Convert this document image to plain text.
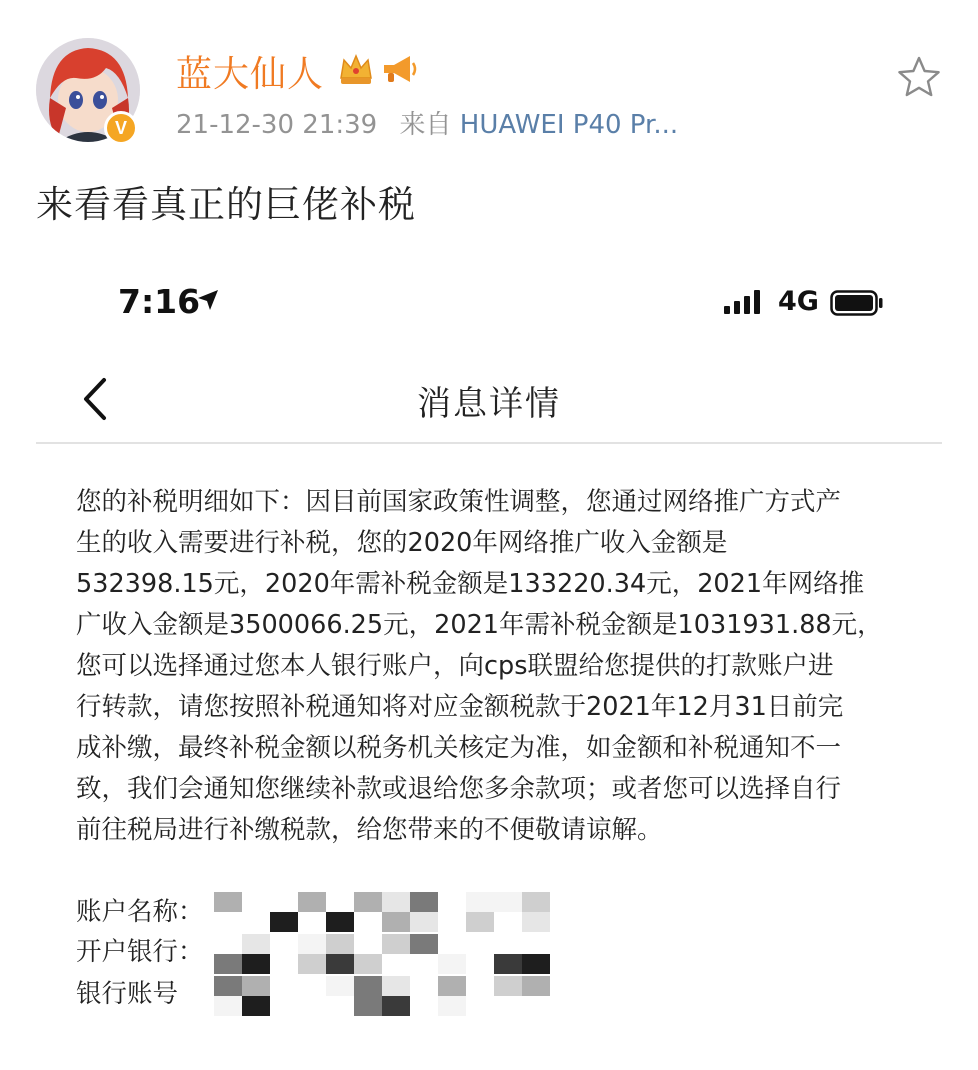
V
蓝大仙人
21-12-30 21:39 来自 HUAWEI P40 Pr...
来看看真正的巨佬补税
7:16	4G
消息详情
您的补税明细如下：因目前国家政策性调整，您通过网络推广方式产
生的收入需要进行补税，您的2020年网络推广收入金额是
532398.15元，2020年需补税金额是133220.34元，2021年网络推
广收入金额是3500066.25元，2021年需补税金额是1031931.88元，
您可以选择通过您本人银行账户，向cps联盟给您提供的打款账户进
行转款，请您按照补税通知将对应金额税款于2021年12月31日前完
成补缴，最终补税金额以税务机关核定为准，如金额和补税通知不一
致，我们会通知您继续补款或退给您多余款项；或者您可以选择自行
前往税局进行补缴税款，给您带来的不便敬请谅解。
账户名称：
开户银行：
银行账号
